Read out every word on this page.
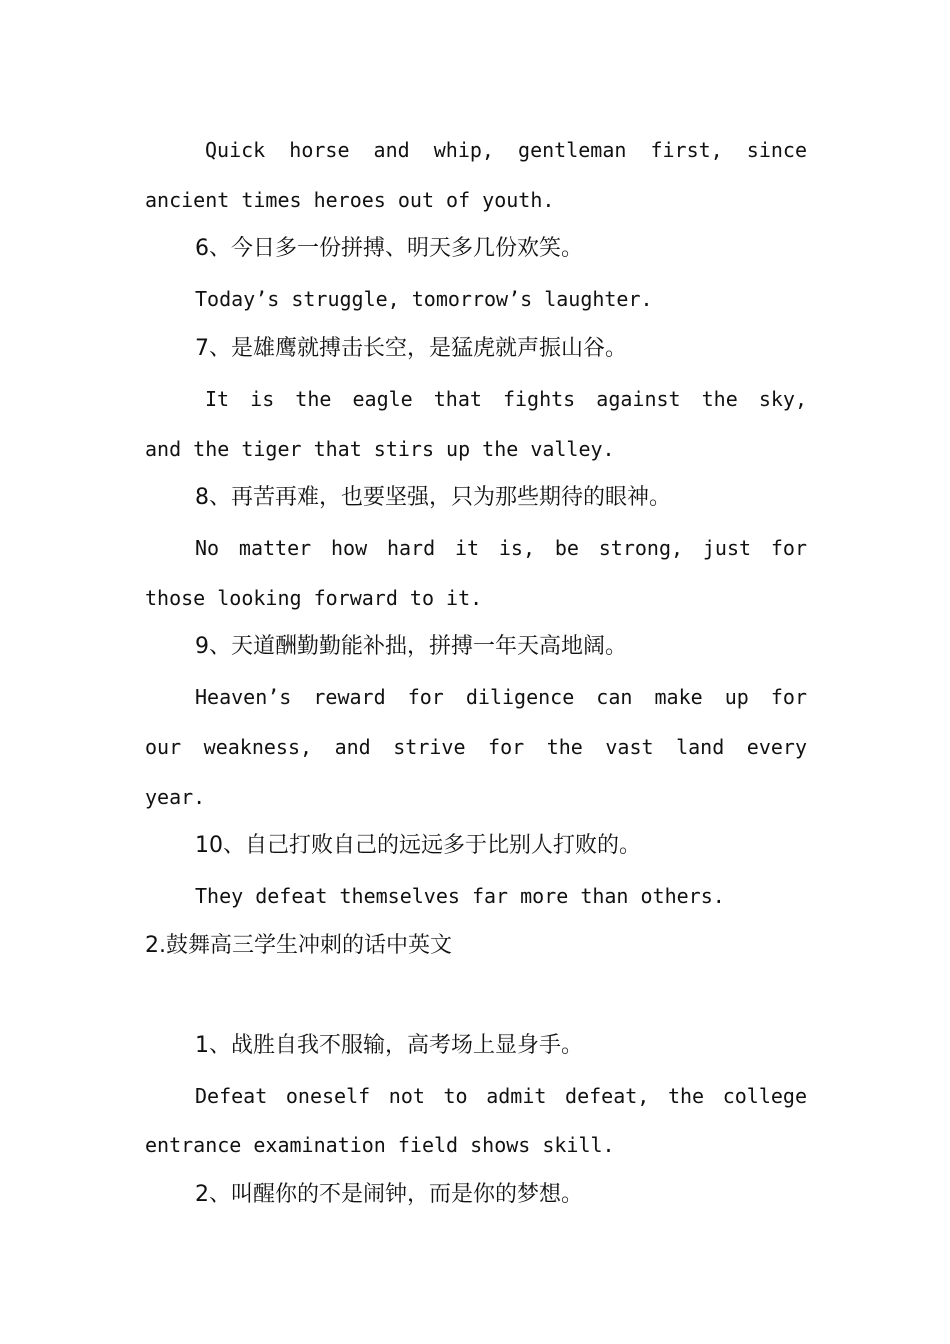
Quick horse and whip, gentleman first, since
ancient times heroes out of youth.
6、今日多一份拼搏、明天多几份欢笑。
Today’s struggle, tomorrow’s laughter.
7、是雄鹰就搏击长空，是猛虎就声振山谷。
It is the eagle that fights against the sky,
and the tiger that stirs up the valley.
8、再苦再难，也要坚强，只为那些期待的眼神。
No matter how hard it is, be strong, just for
those looking forward to it.
9、天道酬勤勤能补拙，拼搏一年天高地阔。
Heaven’s reward for diligence can make up for
our weakness, and strive for the vast land every
year.
10、自己打败自己的远远多于比别人打败的。
They defeat themselves far more than others.
2.鼓舞高三学生冲刺的话中英文
1、战胜自我不服输，高考场上显身手。
Defeat oneself not to admit defeat, the college
entrance examination field shows skill.
2、叫醒你的不是闹钟，而是你的梦想。
